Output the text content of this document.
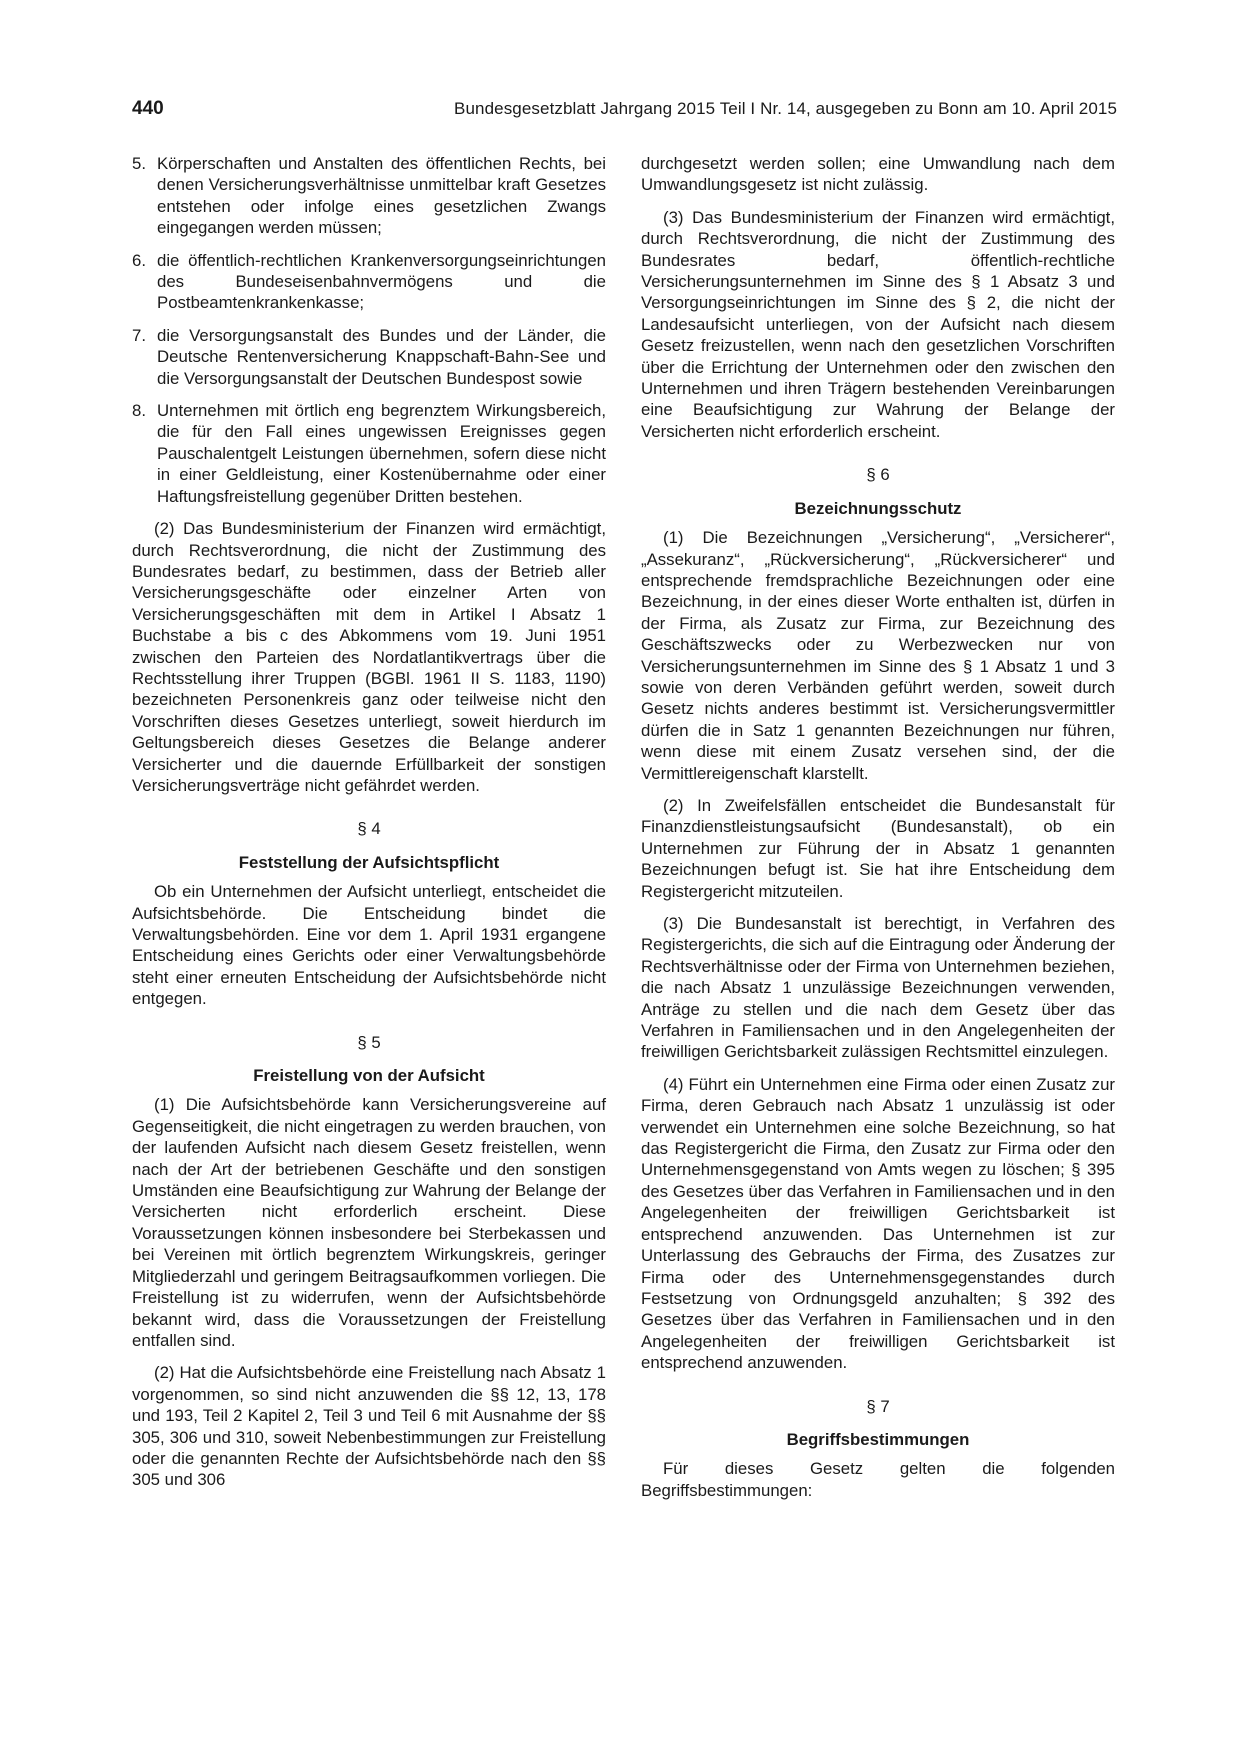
440	Bundesgesetzblatt Jahrgang 2015 Teil I Nr. 14, ausgegeben zu Bonn am 10. April 2015
5. Körperschaften und Anstalten des öffentlichen Rechts, bei denen Versicherungsverhältnisse unmittelbar kraft Gesetzes entstehen oder infolge eines gesetzlichen Zwangs eingegangen werden müssen;
6. die öffentlich-rechtlichen Krankenversorgungseinrichtungen des Bundeseisenbahnvermögens und die Postbeamtenkrankenkasse;
7. die Versorgungsanstalt des Bundes und der Länder, die Deutsche Rentenversicherung Knappschaft-Bahn-See und die Versorgungsanstalt der Deutschen Bundespost sowie
8. Unternehmen mit örtlich eng begrenztem Wirkungsbereich, die für den Fall eines ungewissen Ereignisses gegen Pauschalentgelt Leistungen übernehmen, sofern diese nicht in einer Geldleistung, einer Kostenübernahme oder einer Haftungsfreistellung gegenüber Dritten bestehen.

(2) Das Bundesministerium der Finanzen wird ermächtigt, durch Rechtsverordnung, die nicht der Zustimmung des Bundesrates bedarf, zu bestimmen, dass der Betrieb aller Versicherungsgeschäfte oder einzelner Arten von Versicherungsgeschäften mit dem in Artikel I Absatz 1 Buchstabe a bis c des Abkommens vom 19. Juni 1951 zwischen den Parteien des Nordatlantikvertrags über die Rechtsstellung ihrer Truppen (BGBl. 1961 II S. 1183, 1190) bezeichneten Personenkreis ganz oder teilweise nicht den Vorschriften dieses Gesetzes unterliegt, soweit hierdurch im Geltungsbereich dieses Gesetzes die Belange anderer Versicherter und die dauernde Erfüllbarkeit der sonstigen Versicherungsverträge nicht gefährdet werden.

§ 4
Feststellung der Aufsichtspflicht

Ob ein Unternehmen der Aufsicht unterliegt, entscheidet die Aufsichtsbehörde. Die Entscheidung bindet die Verwaltungsbehörden. Eine vor dem 1. April 1931 ergangene Entscheidung eines Gerichts oder einer Verwaltungsbehörde steht einer erneuten Entscheidung der Aufsichtsbehörde nicht entgegen.

§ 5
Freistellung von der Aufsicht

(1) Die Aufsichtsbehörde kann Versicherungsvereine auf Gegenseitigkeit, die nicht eingetragen zu werden brauchen, von der laufenden Aufsicht nach diesem Gesetz freistellen, wenn nach der Art der betriebenen Geschäfte und den sonstigen Umständen eine Beaufsichtigung zur Wahrung der Belange der Versicherten nicht erforderlich erscheint. Diese Voraussetzungen können insbesondere bei Sterbekassen und bei Vereinen mit örtlich begrenztem Wirkungskreis, geringer Mitgliederzahl und geringem Beitragsaufkommen vorliegen. Die Freistellung ist zu widerrufen, wenn der Aufsichtsbehörde bekannt wird, dass die Voraussetzungen der Freistellung entfallen sind.

(2) Hat die Aufsichtsbehörde eine Freistellung nach Absatz 1 vorgenommen, so sind nicht anzuwenden die §§ 12, 13, 178 und 193, Teil 2 Kapitel 2, Teil 3 und Teil 6 mit Ausnahme der §§ 305, 306 und 310, soweit Nebenbestimmungen zur Freistellung oder die genannten Rechte der Aufsichtsbehörde nach den §§ 305 und 306

durchgesetzt werden sollen; eine Umwandlung nach dem Umwandlungsgesetz ist nicht zulässig.

(3) Das Bundesministerium der Finanzen wird ermächtigt, durch Rechtsverordnung, die nicht der Zustimmung des Bundesrates bedarf, öffentlich-rechtliche Versicherungsunternehmen im Sinne des § 1 Absatz 3 und Versorgungseinrichtungen im Sinne des § 2, die nicht der Landesaufsicht unterliegen, von der Aufsicht nach diesem Gesetz freizustellen, wenn nach den gesetzlichen Vorschriften über die Errichtung der Unternehmen oder den zwischen den Unternehmen und ihren Trägern bestehenden Vereinbarungen eine Beaufsichtigung zur Wahrung der Belange der Versicherten nicht erforderlich erscheint.

§ 6
Bezeichnungsschutz

(1) Die Bezeichnungen „Versicherung“, „Versicherer“, „Assekuranz“, „Rückversicherung“, „Rückversicherer“ und entsprechende fremdsprachliche Bezeichnungen oder eine Bezeichnung, in der eines dieser Worte enthalten ist, dürfen in der Firma, als Zusatz zur Firma, zur Bezeichnung des Geschäftszwecks oder zu Werbezwecken nur von Versicherungsunternehmen im Sinne des § 1 Absatz 1 und 3 sowie von deren Verbänden geführt werden, soweit durch Gesetz nichts anderes bestimmt ist. Versicherungsvermittler dürfen die in Satz 1 genannten Bezeichnungen nur führen, wenn diese mit einem Zusatz versehen sind, der die Vermittlereigenschaft klarstellt.

(2) In Zweifelsfällen entscheidet die Bundesanstalt für Finanzdienstleistungsaufsicht (Bundesanstalt), ob ein Unternehmen zur Führung der in Absatz 1 genannten Bezeichnungen befugt ist. Sie hat ihre Entscheidung dem Registergericht mitzuteilen.

(3) Die Bundesanstalt ist berechtigt, in Verfahren des Registergerichts, die sich auf die Eintragung oder Änderung der Rechtsverhältnisse oder der Firma von Unternehmen beziehen, die nach Absatz 1 unzulässige Bezeichnungen verwenden, Anträge zu stellen und die nach dem Gesetz über das Verfahren in Familiensachen und in den Angelegenheiten der freiwilligen Gerichtsbarkeit zulässigen Rechtsmittel einzulegen.

(4) Führt ein Unternehmen eine Firma oder einen Zusatz zur Firma, deren Gebrauch nach Absatz 1 unzulässig ist oder verwendet ein Unternehmen eine solche Bezeichnung, so hat das Registergericht die Firma, den Zusatz zur Firma oder den Unternehmensgegenstand von Amts wegen zu löschen; § 395 des Gesetzes über das Verfahren in Familiensachen und in den Angelegenheiten der freiwilligen Gerichtsbarkeit ist entsprechend anzuwenden. Das Unternehmen ist zur Unterlassung des Gebrauchs der Firma, des Zusatzes zur Firma oder des Unternehmensgegenstandes durch Festsetzung von Ordnungsgeld anzuhalten; § 392 des Gesetzes über das Verfahren in Familiensachen und in den Angelegenheiten der freiwilligen Gerichtsbarkeit ist entsprechend anzuwenden.

§ 7
Begriffsbestimmungen

Für dieses Gesetz gelten die folgenden Begriffsbestimmungen:
